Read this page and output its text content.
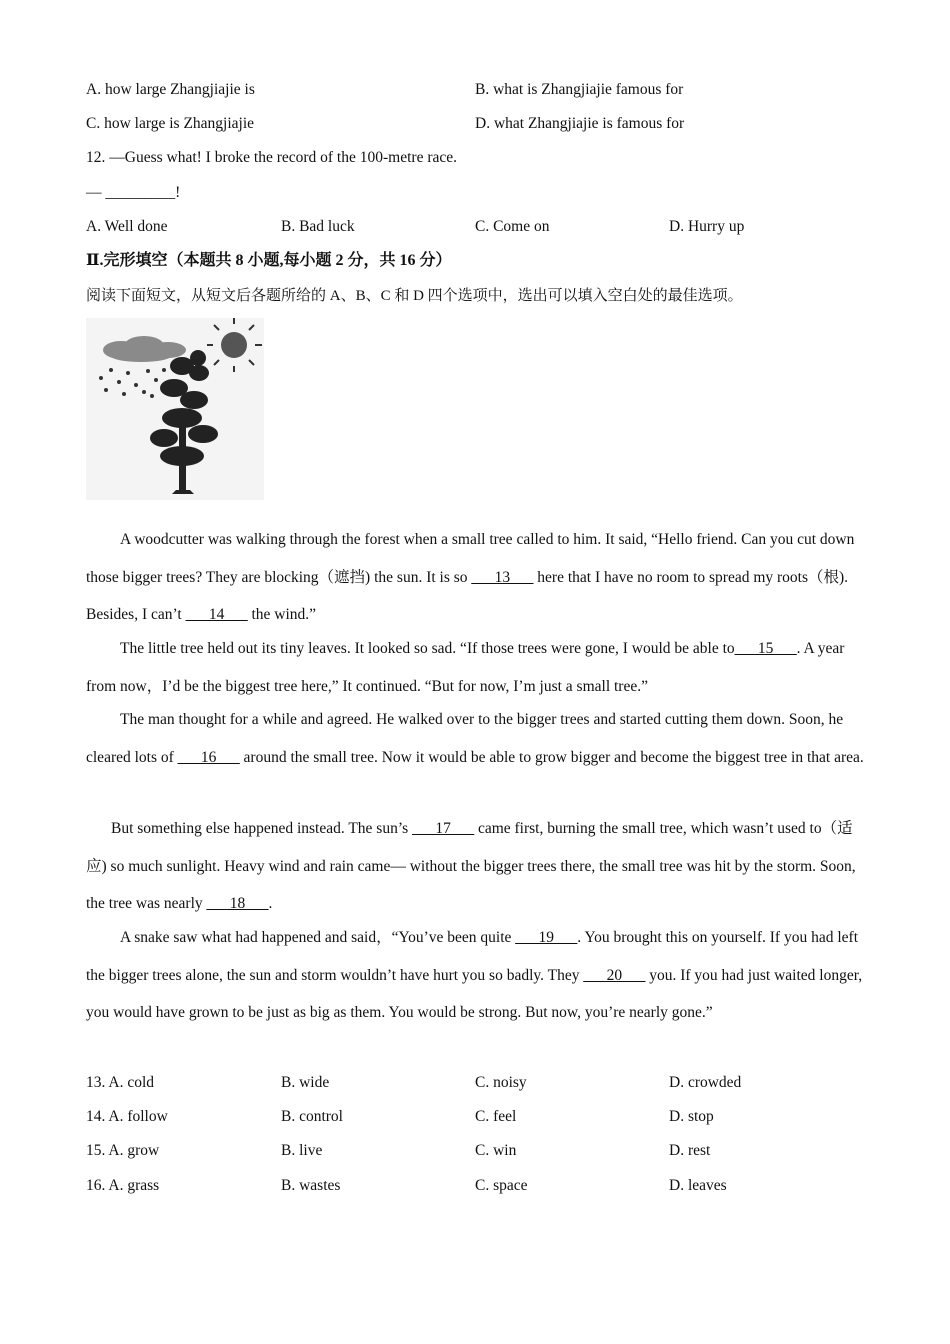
A. how large Zhangjiajie is	B. what is Zhangjiajie famous for
C. how large is Zhangjiajie	D. what Zhangjiajie is famous for
12. —Guess what! I broke the record of the 100-metre race.
— _________!
A. Well done	B. Bad luck	C. Come on	D. Hurry up
Ⅱ.完形填空（本题共 8 小题,每小题 2 分，共 16 分）
阅读下面短文，从短文后各题所给的 A、B、C 和 D 四个选项中，选出可以填入空白处的最佳选项。
A woodcutter was walking through the forest when a small tree called to him. It said, “Hello friend. Can you cut down those bigger trees? They are blocking（遮挡) the sun. It is so ___13___ here that I have no room to spread my roots（根). Besides, I can’t ___14___ the wind.”
The little tree held out its tiny leaves. It looked so sad. “If those trees were gone, I would be able to___15___. A year from now，I’d be the biggest tree here,” It continued. “But for now, I’m just a small tree.”
The man thought for a while and agreed. He walked over to the bigger trees and started cutting them down. Soon, he cleared lots of ___16___ around the small tree. Now it would be able to grow bigger and become the biggest tree in that area.
But something else happened instead. The sun’s ___17___ came first, burning the small tree, which wasn’t used to（适应) so much sunlight. Heavy wind and rain came— without the bigger trees there, the small tree was hit by the storm. Soon, the tree was nearly ___18___.
A snake saw what had happened and said，“You’ve been quite ___19___. You brought this on yourself. If you had left the bigger trees alone, the sun and storm wouldn’t have hurt you so badly. They ___20___ you. If you had just waited longer, you would have grown to be just as big as them. You would be strong. But now, you’re nearly gone.”
13. A. cold	B. wide	C. noisy	D. crowded
14. A. follow	B. control	C. feel	D. stop
15. A. grow	B. live	C. win	D. rest
16. A. grass	B. wastes	C. space	D. leaves
